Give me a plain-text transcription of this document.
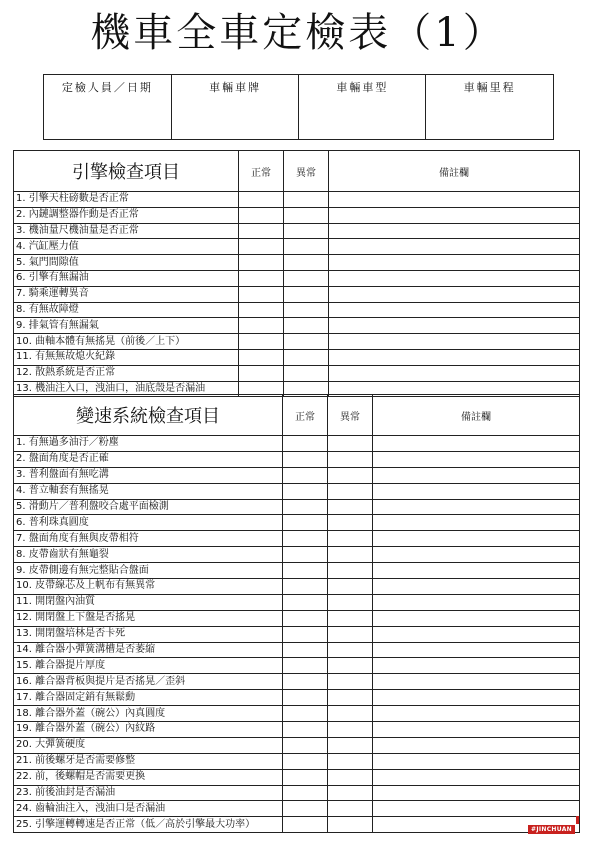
機車全車定檢表（1）
定檢人員／日期	車輛車牌	車輛車型	車輛里程
引擎檢查項目	正常	異常	備註欄
1. 引擎天柱磅數是否正常			
2. 內鏈調整器作動是否正常			
3. 機油量尺機油量是否正常			
4. 汽缸壓力值			
5. 氣門間隙值			
6. 引擎有無漏油			
7. 騎乘運轉異音			
8. 有無故障燈			
9. 排氣管有無漏氣			
10. 曲軸本體有無搖晃（前後／上下）			
11. 有無無故熄火紀錄			
12. 散熱系統是否正常			
13. 機油注入口，洩油口，油底殼是否漏油			
變速系統檢查項目	正常	異常	備註欄
1. 有無過多油汙／粉塵			
2. 盤面角度是否正確			
3. 普利盤面有無吃溝			
4. 普立軸套有無搖晃			
5. 滑動片／普利盤咬合處平面檢測			
6. 普利珠真圓度			
7. 盤面角度有無與皮帶相符			
8. 皮帶齒狀有無龜裂			
9. 皮帶側邊有無完整貼合盤面			
10. 皮帶線芯及上帆布有無異常			
11. 開閉盤內油質			
12. 開閉盤上下盤是否搖晃			
13. 開閉盤培林是否卡死			
14. 離合器小彈簧溝槽是否萎縮			
15. 離合器提片厚度			
16. 離合器背板與提片是否搖晃／歪斜			
17. 離合器固定銷有無鬆動			
18. 離合器外蓋（碗公）內真圓度			
19. 離合器外蓋（碗公）內紋路			
20. 大彈簧硬度			
21. 前後螺牙是否需要修整			
22. 前，後螺帽是否需要更換			
23. 前後油封是否漏油			
24. 齒輪油注入，洩油口是否漏油			
25. 引擎運轉轉速是否正常（低／高於引擎最大功率）				#JINCHUAN
